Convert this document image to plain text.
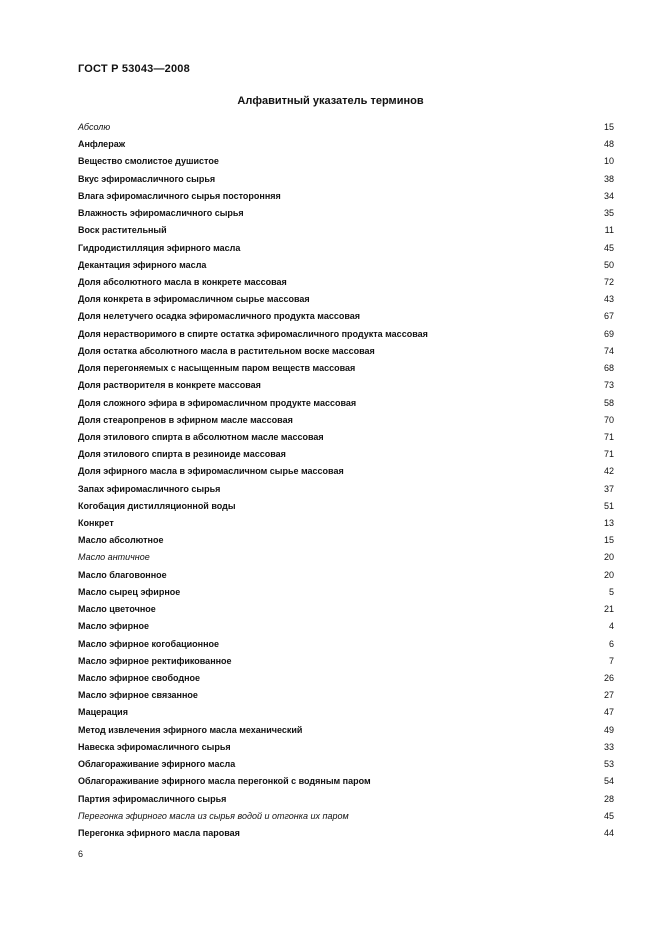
ГОСТ Р 53043—2008
Алфавитный указатель терминов
Абсолю	15
Анфлераж	48
Вещество смолистое душистое	10
Вкус эфиромасличного сырья	38
Влага эфиромасличного сырья посторонняя	34
Влажность эфиромасличного сырья	35
Воск растительный	11
Гидродистилляция эфирного масла	45
Декантация эфирного масла	50
Доля абсолютного масла в конкрете массовая	72
Доля конкрета в эфиромасличном сырье массовая	43
Доля нелетучего осадка эфиромасличного продукта массовая	67
Доля нерастворимого в спирте остатка эфиромасличного продукта массовая	69
Доля остатка абсолютного масла в растительном воске массовая	74
Доля перегоняемых с насыщенным паром веществ массовая	68
Доля растворителя в конкрете массовая	73
Доля сложного эфира в эфиромасличном продукте массовая	58
Доля стеаропренов в эфирном масле массовая	70
Доля этилового спирта в абсолютном масле массовая	71
Доля этилового спирта в резиноиде массовая	71
Доля эфирного масла в эфиромасличном сырье массовая	42
Запах эфиромасличного сырья	37
Когобация дистилляционной воды	51
Конкрет	13
Масло абсолютное	15
Масло античное	20
Масло благовонное	20
Масло сырец эфирное	5
Масло цветочное	21
Масло эфирное	4
Масло эфирное когобационное	6
Масло эфирное ректификованное	7
Масло эфирное свободное	26
Масло эфирное связанное	27
Мацерация	47
Метод извлечения эфирного масла механический	49
Навеска эфиромасличного сырья	33
Облагораживание эфирного масла	53
Облагораживание эфирного масла перегонкой с водяным паром	54
Партия эфиромасличного сырья	28
Перегонка эфирного масла из сырья водой и отгонка их паром	45
Перегонка эфирного масла паровая	44
6
